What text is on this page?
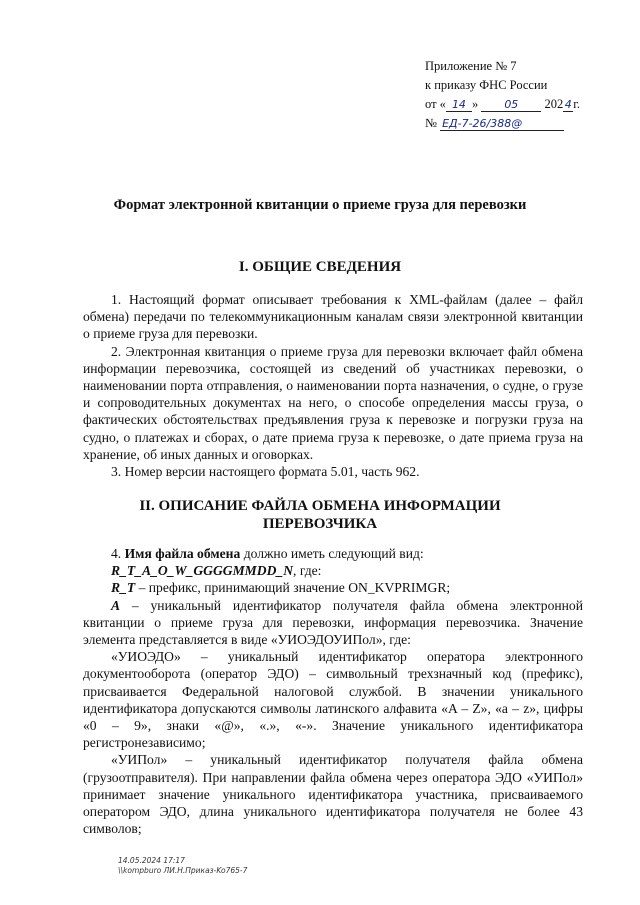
Приложение № 7
к приказу ФНС России
от « 14 » 05 202 4 г.
№ ЕД-7-26/388@
Формат электронной квитанции о приеме груза для перевозки
I. ОБЩИЕ СВЕДЕНИЯ

1. Настоящий формат описывает требования к XML-файлам (далее – файл обмена) передачи по телекоммуникационным каналам связи электронной квитанции о приеме груза для перевозки.

2. Электронная квитанция о приеме груза для перевозки включает файл обмена информации перевозчика, состоящей из сведений об участниках перевозки, о наименовании порта отправления, о наименовании порта назначения, о судне, о грузе и сопроводительных документах на него, о способе определения массы груза, о фактических обстоятельствах предъявления груза к перевозке и погрузки груза на судно, о платежах и сборах, о дате приема груза к перевозке, о дате приема груза на хранение, об иных данных и оговорках.

3. Номер версии настоящего формата 5.01, часть 962.

II. ОПИСАНИЕ ФАЙЛА ОБМЕНА ИНФОРМАЦИИ
ПЕРЕВОЗЧИКА

4. Имя файла обмена должно иметь следующий вид:

R_T_A_O_W_GGGGMMDD_N, где:

R_T – префикс, принимающий значение ON_KVPRIMGR;

A – уникальный идентификатор получателя файла обмена электронной квитанции о приеме груза для перевозки, информация перевозчика. Значение элемента представляется в виде «УИОЭДОУИПол», где:

«УИОЭДО» – уникальный идентификатор оператора электронного документооборота (оператор ЭДО) – символьный трехзначный код (префикс), присваивается Федеральной налоговой службой. В значении уникального идентификатора допускаются символы латинского алфавита «A – Z», «a – z», цифры «0 – 9», знаки «@», «.», «-». Значение уникального идентификатора регистронезависимо;

«УИПол» – уникальный идентификатор получателя файла обмена (грузоотправителя). При направлении файла обмена через оператора ЭДО «УИПол» принимает значение уникального идентификатора участника, присваиваемого оператором ЭДО, длина уникального идентификатора получателя не более 43 символов;

14.05.2024 17:17
\\kompburo ЛИ.Н.Приказ-Ko765-7
